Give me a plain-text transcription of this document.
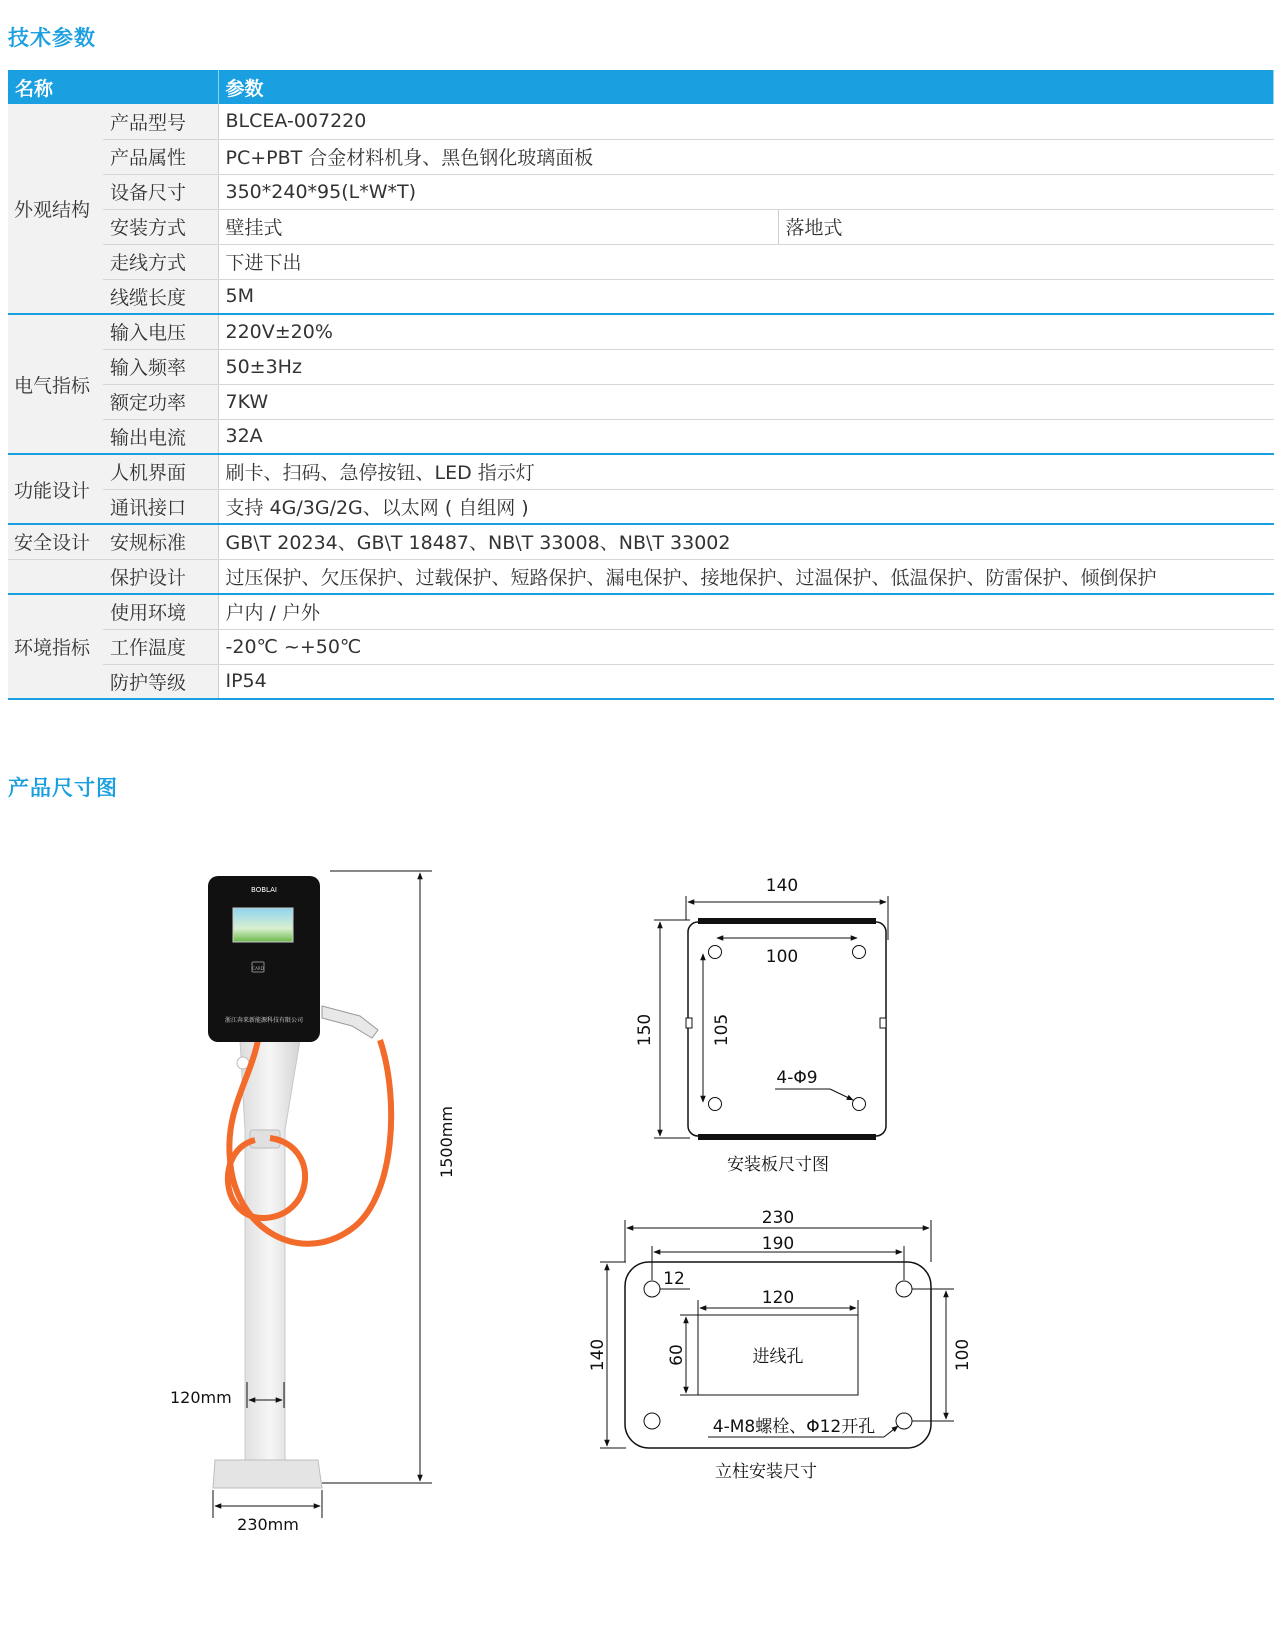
技术参数
名称		参数	
外观结构	产品型号	BLCEA-007220	
	产品属性	PC+PBT 合金材料机身、黑色钢化玻璃面板	
	设备尺寸	350*240*95(L*W*T)	
	安装方式	壁挂式	落地式
	走线方式	下进下出	
	线缆长度	5M	
电气指标	输入电压	220V±20%	
	输入频率	50±3Hz	
	额定功率	7KW	
	输出电流	32A	
功能设计	人机界面	刷卡、扫码、急停按钮、LED 指示灯	
	通讯接口	支持 4G/3G/2G、以太网 ( 自组网 )	
安全设计	安规标准	GB\T 20234、GB\T 18487、NB\T 33008、NB\T 33002	
	保护设计	过压保护、欠压保护、过载保护、短路保护、漏电保护、接地保护、过温保护、低温保护、防雷保护、倾倒保护	
环境指标	使用环境	户内 / 户外	
	工作温度	-20℃ ~+50℃	
	防护等级	IP54	
产品尺寸图
BOBLAI
CARD
浙江奔来新能源科技有限公司
1500mm
120mm
230mm
140
100
150	105
4-Φ9
安装板尺寸图
进线孔
230
190
12
120
60
140	100
4-M8螺栓、Φ12开孔
立柱安装尺寸
